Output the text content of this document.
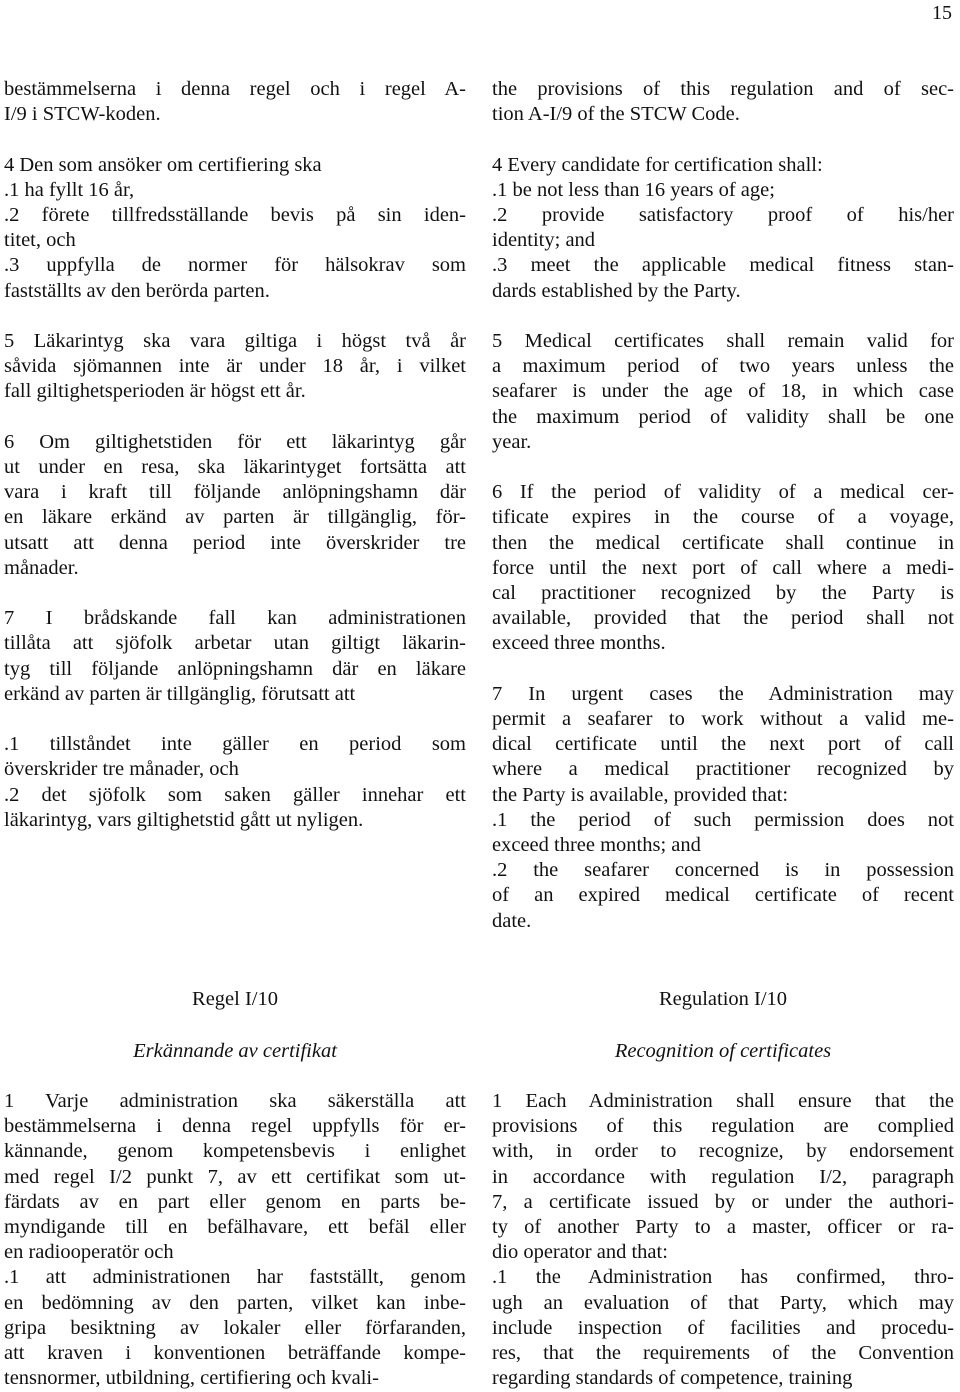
15
bestämmelserna i denna regel och i regel A-
I/9 i STCW-koden.
4 Den som ansöker om certifiering ska
.1 ha fyllt 16 år,
.2 förete tillfredsställande bevis på sin iden-
titet, och
.3 uppfylla de normer för hälsokrav som
fastställts av den berörda parten.
5 Läkarintyg ska vara giltiga i högst två år
såvida sjömannen inte är under 18 år, i vilket
fall giltighetsperioden är högst ett år.
6 Om giltighetstiden för ett läkarintyg går
ut under en resa, ska läkarintyget fortsätta att
vara i kraft till följande anlöpningshamn där
en läkare erkänd av parten är tillgänglig, för-
utsatt att denna period inte överskrider tre
månader.
7 I brådskande fall kan administrationen
tillåta att sjöfolk arbetar utan giltigt läkarin-
tyg till följande anlöpningshamn där en läkare
erkänd av parten är tillgänglig, förutsatt att
.1 tillståndet inte gäller en period som
överskrider tre månader, och
.2 det sjöfolk som saken gäller innehar ett
läkarintyg, vars giltighetstid gått ut nyligen.
Regel I/10
Erkännande av certifikat
1 Varje administration ska säkerställa att
bestämmelserna i denna regel uppfylls för er-
kännande, genom kompetensbevis i enlighet
med regel I/2 punkt 7, av ett certifikat som ut-
färdats av en part eller genom en parts be-
myndigande till en befälhavare, ett befäl eller
en radiooperatör och
.1 att administrationen har fastställt, genom
en bedömning av den parten, vilket kan inbe-
gripa besiktning av lokaler eller förfaranden,
att kraven i konventionen beträffande kompe-
tensnormer, utbildning, certifiering och kvali-
the provisions of this regulation and of sec-
tion A-I/9 of the STCW Code.
4 Every candidate for certification shall:
.1 be not less than 16 years of age;
.2 provide satisfactory proof of his/her
identity; and
.3 meet the applicable medical fitness stan-
dards established by the Party.
5 Medical certificates shall remain valid for
a maximum period of two years unless the
seafarer is under the age of 18, in which case
the maximum period of validity shall be one
year.
6 If the period of validity of a medical cer-
tificate expires in the course of a voyage,
then the medical certificate shall continue in
force until the next port of call where a medi-
cal practitioner recognized by the Party is
available, provided that the period shall not
exceed three months.
7 In urgent cases the Administration may
permit a seafarer to work without a valid me-
dical certificate until the next port of call
where a medical practitioner recognized by
the Party is available, provided that:
.1 the period of such permission does not
exceed three months; and
.2 the seafarer concerned is in possession
of an expired medical certificate of recent
date.
Regulation I/10
Recognition of certificates
1 Each Administration shall ensure that the
provisions of this regulation are complied
with, in order to recognize, by endorsement
in accordance with regulation I/2, paragraph
7, a certificate issued by or under the authori-
ty of another Party to a master, officer or ra-
dio operator and that:
.1 the Administration has confirmed, thro-
ugh an evaluation of that Party, which may
include inspection of facilities and procedu-
res, that the requirements of the Convention
regarding standards of competence, training
